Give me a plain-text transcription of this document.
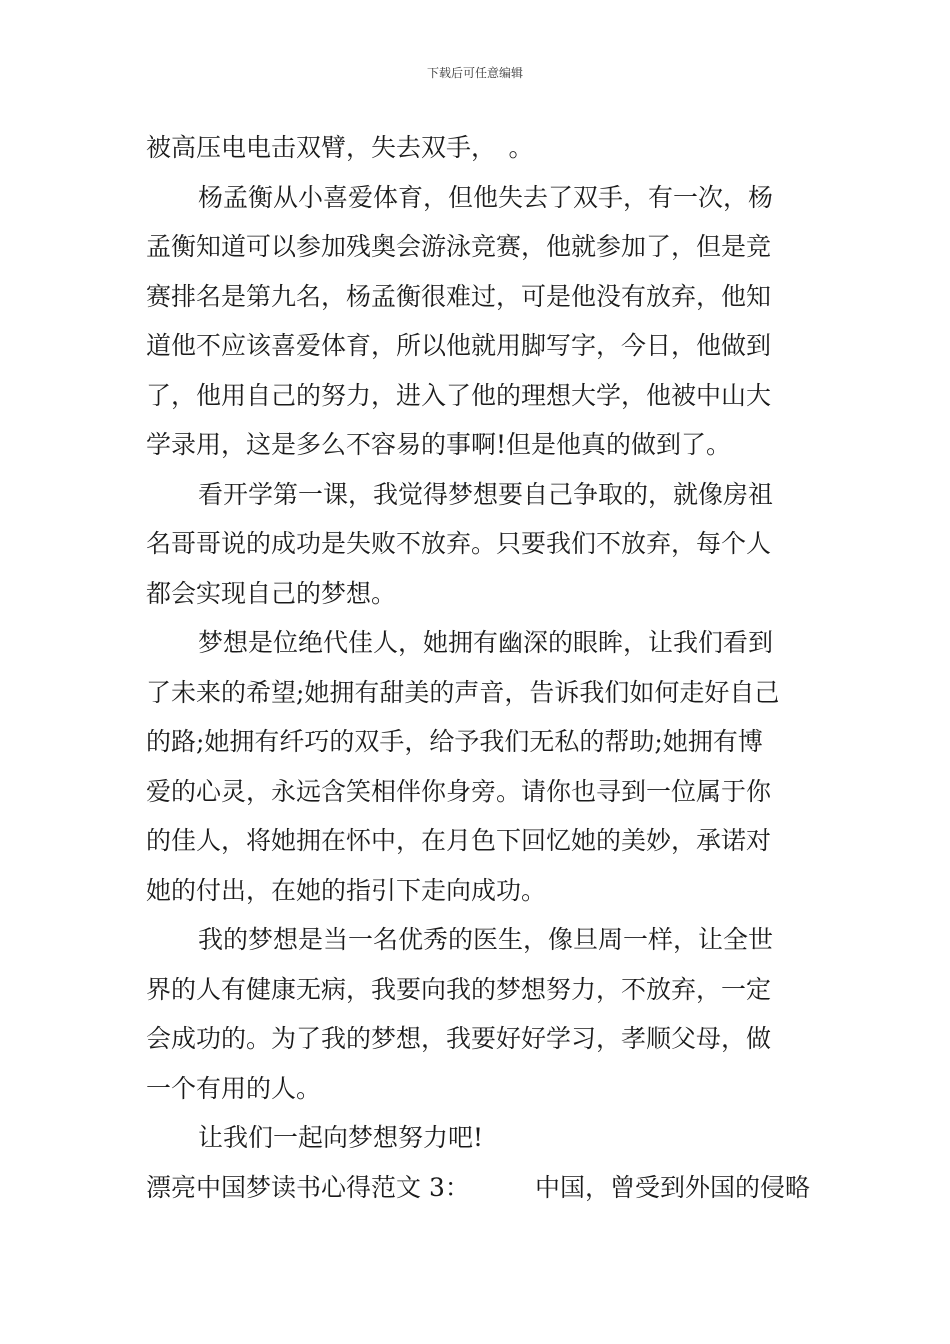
下载后可任意编辑
被高压电电击双臂，失去双手，　。
杨孟衡从小喜爱体育，但他失去了双手，有一次，杨
孟衡知道可以参加残奥会游泳竞赛，他就参加了，但是竞
赛排名是第九名，杨孟衡很难过，可是他没有放弃，他知
道他不应该喜爱体育，所以他就用脚写字，今日，他做到
了，他用自己的努力，进入了他的理想大学，他被中山大
学录用，这是多么不容易的事啊!但是他真的做到了。
看开学第一课，我觉得梦想要自己争取的，就像房祖
名哥哥说的成功是失败不放弃。只要我们不放弃，每个人
都会实现自己的梦想。
梦想是位绝代佳人，她拥有幽深的眼眸，让我们看到
了未来的希望;她拥有甜美的声音，告诉我们如何走好自己
的路;她拥有纤巧的双手，给予我们无私的帮助;她拥有博
爱的心灵，永远含笑相伴你身旁。请你也寻到一位属于你
的佳人，将她拥在怀中，在月色下回忆她的美妙，承诺对
她的付出，在她的指引下走向成功。
我的梦想是当一名优秀的医生，像旦周一样，让全世
界的人有健康无病，我要向我的梦想努力，不放弃，一定
会成功的。为了我的梦想，我要好好学习，孝顺父母，做
一个有用的人。
让我们一起向梦想努力吧!
漂亮中国梦读书心得范文 3：	中国，曾受到外国的侵略
